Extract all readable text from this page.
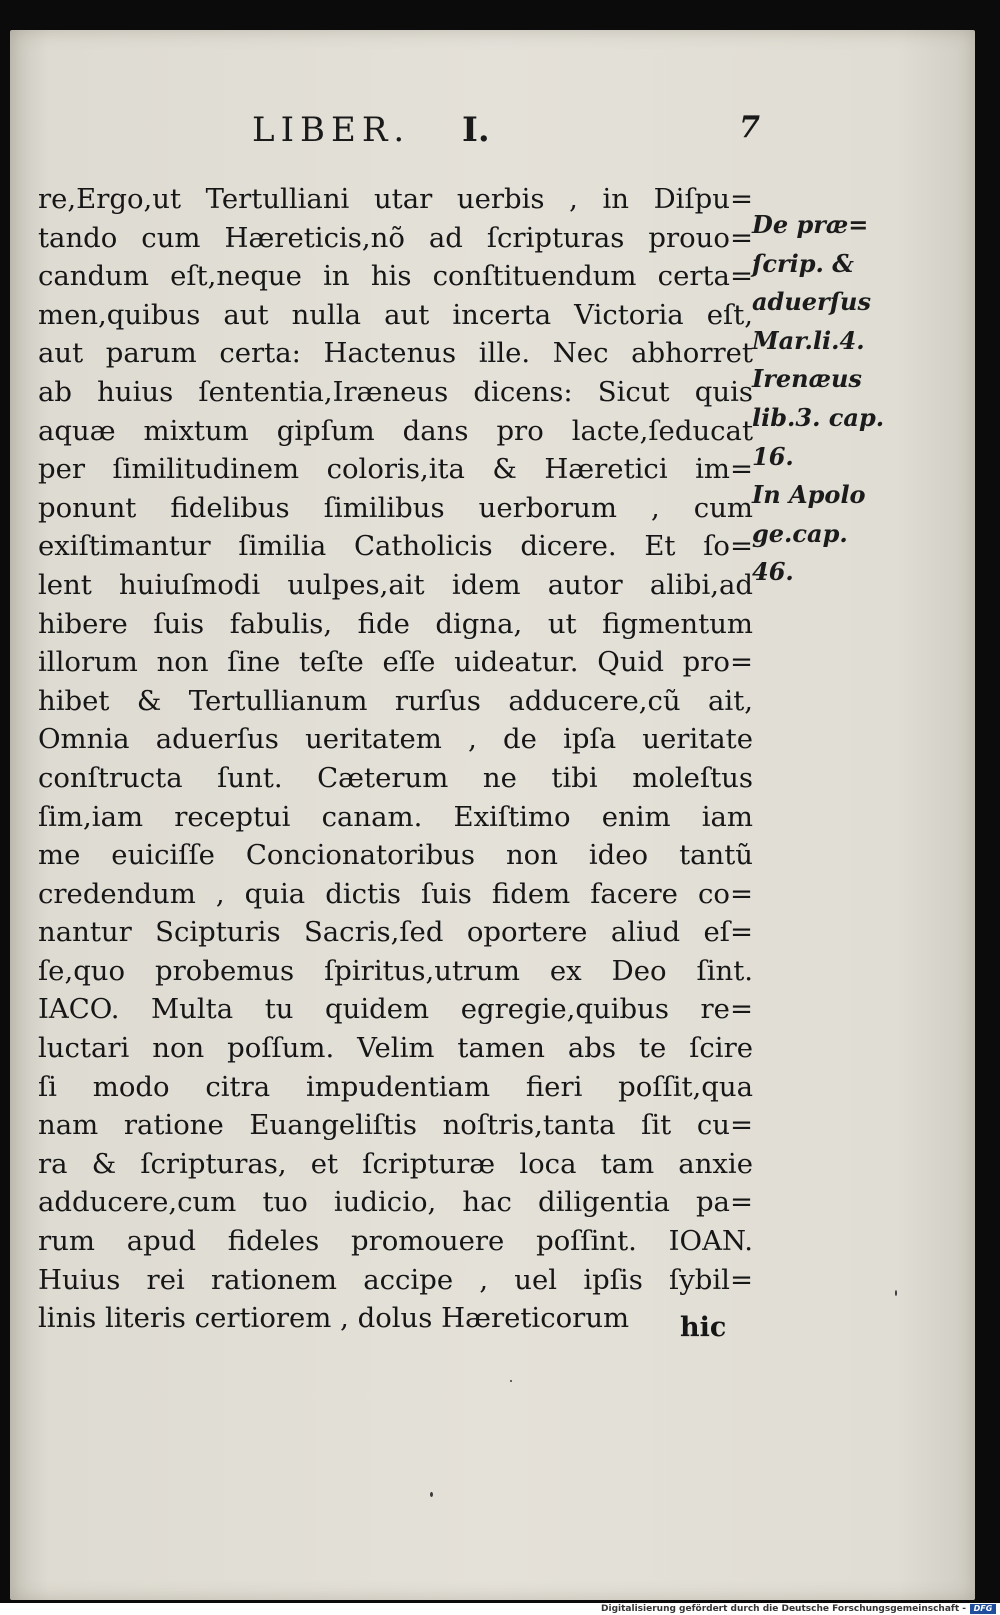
LIBER. I.	7
re,Ergo,ut Tertulliani utar uerbis , in Diſpu=
tando cum Hæreticis,nõ ad ſcripturas prouo=
candum eſt,neque in his conſtituendum certa=
men,quibus aut nulla aut incerta Victoria eſt,
aut parum certa: Hactenus ille. Nec abhorret
ab huius ſententia,Iræneus dicens: Sicut quis
aquæ mixtum gipſum dans pro lacte,ſeducat
per ſimilitudinem coloris,ita & Hæretici im=
ponunt fidelibus ſimilibus uerborum , cum
exiſtimantur ſimilia Catholicis dicere. Et ſo=
lent huiuſmodi uulpes,ait idem autor alibi,ad
hibere ſuis fabulis, fide digna, ut figmentum
illorum non ſine teſte eſſe uideatur. Quid pro=
hibet & Tertullianum rurſus adducere,cũ ait,
Omnia aduerſus ueritatem , de ipſa ueritate
conſtructa ſunt. Cæterum ne tibi moleſtus
ſim,iam receptui canam. Exiſtimo enim iam
me euiciſſe Concionatoribus non ideo tantũ
credendum , quia dictis ſuis fidem facere co=
nantur Scipturis Sacris,ſed oportere aliud eſ=
ſe,quo probemus ſpiritus,utrum ex Deo ſint.
IACO. Multa tu quidem egregie,quibus re=
luctari non poſſum. Velim tamen abs te ſcire
ſi modo citra impudentiam fieri poſſit,qua
nam ratione Euangeliſtis noſtris,tanta ſit cu=
ra & ſcripturas, et ſcripturæ loca tam anxie
adducere,cum tuo iudicio, hac diligentia pa=
rum apud fideles promouere poſſint. IOAN.
Huius rei rationem accipe , uel ipſis ſybil=
linis literis certiorem , dolus Hæreticorum	hic
De præ=
ſcrip. &
aduerſus
Mar.li.4.
Irenæus
lib.3. cap.
16.
In Apolo
ge.cap.
46.
Digitalisierung gefördert durch die Deutsche Forschungsgemeinschaft - DFG
